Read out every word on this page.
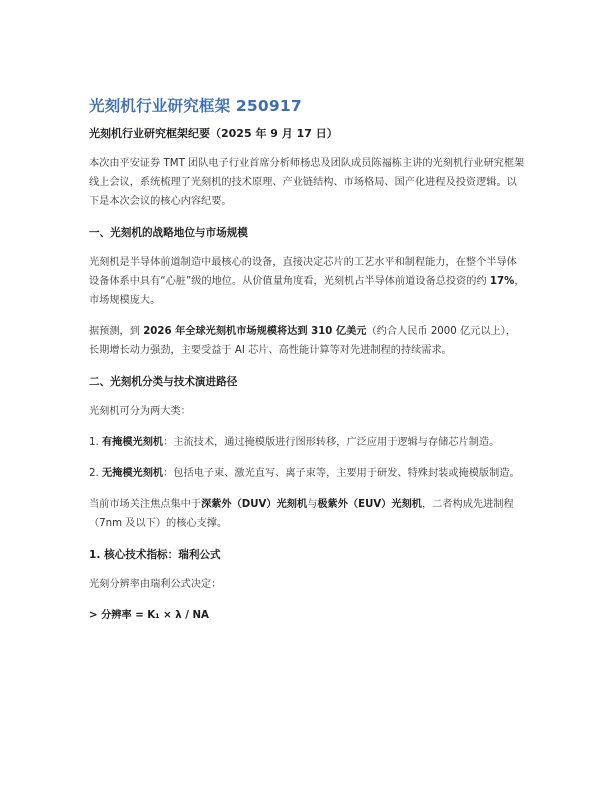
光刻机行业研究框架 250917
光刻机行业研究框架纪要（2025 年 9 月 17 日）

本次由平安证券 TMT 团队电子行业首席分析师杨忠及团队成员陈福栋主讲的光刻机行业研究框架线上会议，系统梳理了光刻机的技术原理、产业链结构、市场格局、国产化进程及投资逻辑。以下是本次会议的核心内容纪要。

一、光刻机的战略地位与市场规模

光刻机是半导体前道制造中最核心的设备，直接决定芯片的工艺水平和制程能力，在整个半导体设备体系中具有“心脏”级的地位。从价值量角度看，光刻机占半导体前道设备总投资的约 17%，市场规模庞大。

据预测，到 2026 年全球光刻机市场规模将达到 310 亿美元（约合人民币 2000 亿元以上），长期增长动力强劲，主要受益于 AI 芯片、高性能计算等对先进制程的持续需求。

二、光刻机分类与技术演进路径

光刻机可分为两大类：

1. 有掩模光刻机：主流技术，通过掩模版进行图形转移，广泛应用于逻辑与存储芯片制造。

2. 无掩模光刻机：包括电子束、激光直写、离子束等，主要用于研发、特殊封装或掩模版制造。

当前市场关注焦点集中于深紫外（DUV）光刻机与极紫外（EUV）光刻机，二者构成先进制程（7nm 及以下）的核心支撑。

1. 核心技术指标：瑞利公式

光刻分辨率由瑞利公式决定：

> 分辨率 = K₁ × λ / NA
